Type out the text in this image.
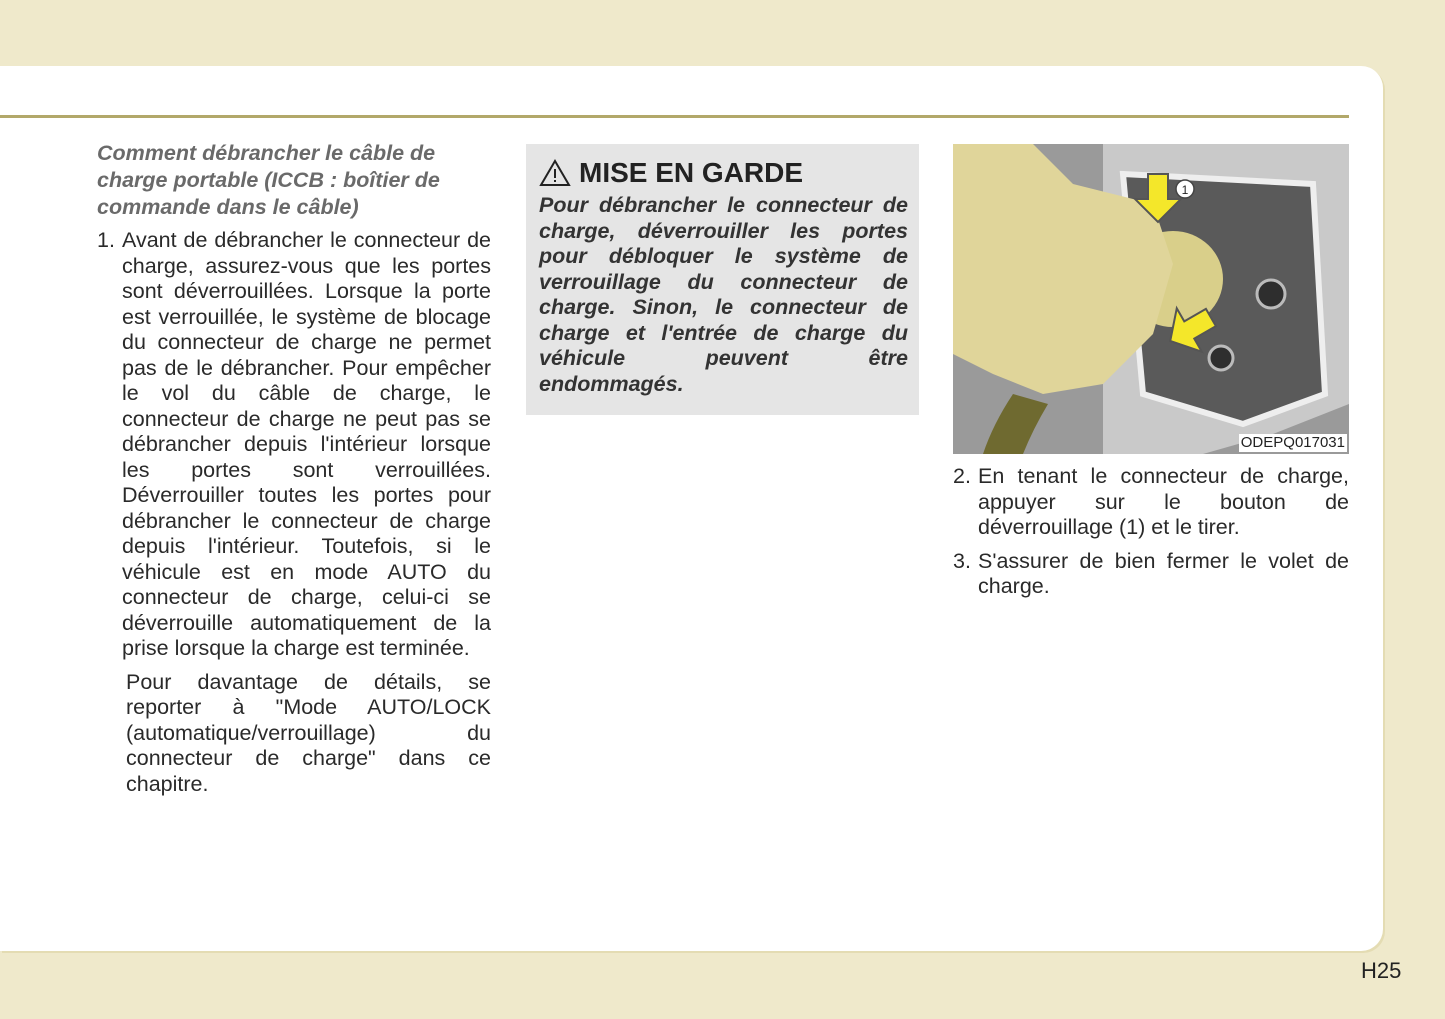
Comment débrancher le câble de charge portable (ICCB : boîtier de commande dans le câble)
1. Avant de débrancher le connecteur de charge, assurez-vous que les portes sont déverrouillées. Lorsque la porte est verrouillée, le système de blocage du connecteur de charge ne permet pas de le débrancher. Pour empêcher le vol du câble de charge, le connecteur de charge ne peut pas se débrancher depuis l'intérieur lorsque les portes sont verrouillées. Déverrouiller toutes les portes pour débrancher le connecteur de charge depuis l'intérieur. Toutefois, si le véhicule est en mode AUTO du connecteur de charge, celui-ci se déverrouille automatiquement de la prise lorsque la charge est terminée.
Pour davantage de détails, se reporter à "Mode AUTO/LOCK (automatique/verrouillage) du connecteur de charge" dans ce chapitre.
MISE EN GARDE
Pour débrancher le connecteur de charge, déverrouiller les portes pour débloquer le système de verrouillage du connecteur de charge. Sinon, le connecteur de charge et l'entrée de charge du véhicule peuvent être endommagés.
1
ODEPQ017031
2. En tenant le connecteur de charge, appuyer sur le bouton de déverrouillage (1) et le tirer.
3. S'assurer de bien fermer le volet de charge.
H25
